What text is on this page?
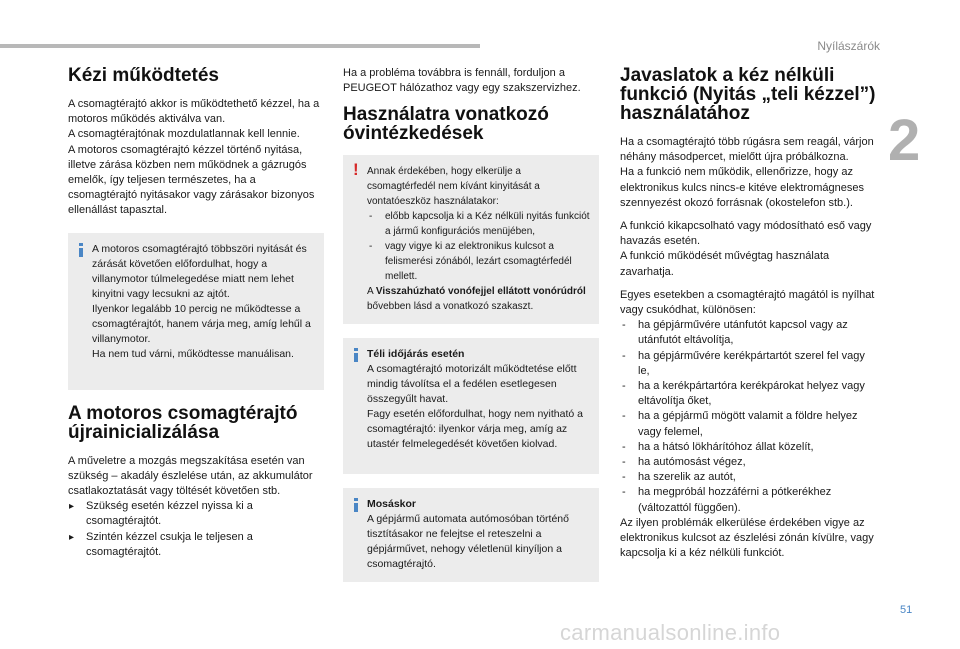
Nyílászárók
2
Kézi működtetés

A csomagtérajtó akkor is működtethető kézzel, ha a motoros működés aktiválva van.
A csomagtérajtónak mozdulatlannak kell lennie.
A motoros csomagtérajtó kézzel történő nyitása, illetve zárása közben nem működnek a gázrugós emelők, így teljesen természetes, ha a csomagtérajtó nyitásakor vagy zárásakor bizonyos ellenállást tapasztal.

A motoros csomagtérajtó többszöri nyitását és zárását követően előfordulhat, hogy a villanymotor túlmelegedése miatt nem lehet kinyitni vagy lecsukni az ajtót.
Ilyenkor legalább 10 percig ne működtesse a csomagtérajtót, hanem várja meg, amíg lehűl a villanymotor.
Ha nem tud várni, működtesse manuálisan.

A motoros csomagtérajtó újrainicializálása

A műveletre a mozgás megszakítása esetén van szükség – akadály észlelése után, az akkumulátor csatlakoztatását vagy töltését követően stb.

▸ Szükség esetén kézzel nyissa ki a csomagtérajtót.
▸ Szintén kézzel csukja le teljesen a csomagtérajtót.

Ha a probléma továbbra is fennáll, forduljon a PEUGEOT hálózathoz vagy egy szakszervizhez.

Használatra vonatkozó óvintézkedések
! Annak érdekében, hogy elkerülje a csomagtérfedél nem kívánt kinyitását a vontatóeszköz használatakor:

- előbb kapcsolja ki a Kéz nélküli nyitás funkciót a jármű konfigurációs menüjében,
- vagy vigye ki az elektronikus kulcsot a felismerési zónából, lezárt csomagtérfedél mellett.

A Visszahúzható vonófejjel ellátott vonórúdról bővebben lásd a vonatkozó szakaszt.

Téli időjárás esetén

A csomagtérajtó motorizált működtetése előtt mindig távolítsa el a fedélen esetlegesen összegyűlt havat.
Fagy esetén előfordulhat, hogy nem nyitható a csomagtérajtó: ilyenkor várja meg, amíg az utastér felmelegedését követően kiolvad.

Mosáskor

A gépjármű automata autómosóban történő tisztításakor ne felejtse el reteszelni a gépjárművet, nehogy véletlenül kinyíljon a csomagtérajtó.

Javaslatok a kéz nélküli funkció (Nyitás „teli kézzel”) használatához

Ha a csomagtérajtó több rúgásra sem reagál, várjon néhány másodpercet, mielőtt újra próbálkozna.
Ha a funkció nem működik, ellenőrizze, hogy az elektronikus kulcs nincs-e kitéve elektromágneses szennyezést okozó forrásnak (okostelefon stb.).

A funkció kikapcsolható vagy módosítható eső vagy havazás esetén.
A funkció működését művégtag használata zavarhatja.

Egyes esetekben a csomagtérajtó magától is nyílhat vagy csukódhat, különösen:

- ha gépjárművére utánfutót kapcsol vagy az utánfutót eltávolítja,
- ha gépjárművére kerékpártartót szerel fel vagy le,
- ha a kerékpártartóra kerékpárokat helyez vagy eltávolítja őket,
- ha a gépjármű mögött valamit a földre helyez vagy felemel,
- ha a hátsó lökhárítóhoz állat közelít,
- ha autómosást végez,
- ha szerelik az autót,
- ha megpróbál hozzáférni a pótkerékhez (változattól függően).

Az ilyen problémák elkerülése érdekében vigye az elektronikus kulcsot az észlelési zónán kívülre, vagy kapcsolja ki a kéz nélküli funkciót.

51
carmanualsonline.info
